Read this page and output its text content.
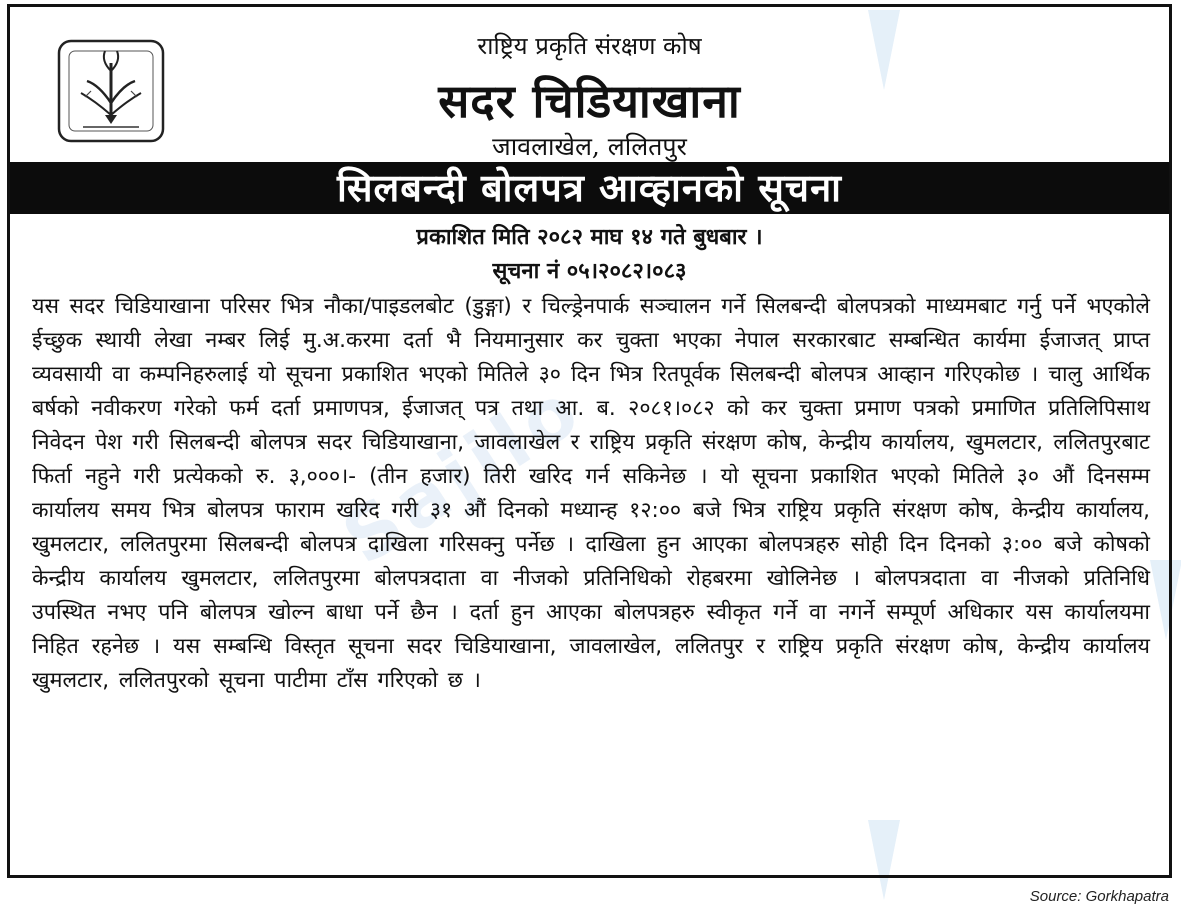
Sajilo
राष्ट्रिय प्रकृति संरक्षण कोष
सदर चिडियाखाना
जावलाखेल, ललितपुर
सिलबन्दी बोलपत्र आव्हानको सूचना
प्रकाशित मिति २०८२ माघ १४ गते बुधबार ।
सूचना नं ०५।२०८२।०८३
यस सदर चिडियाखाना परिसर भित्र नौका/पाइडलबोट (डुङ्गा) र चिल्ड्रेनपार्क सञ्चालन गर्ने सिलबन्दी बोलपत्रको माध्यमबाट गर्नु पर्ने भएकोले ईच्छुक स्थायी लेखा नम्बर लिई मु.अ.करमा दर्ता भै नियमानुसार कर चुक्ता भएका नेपाल सरकारबाट सम्बन्धित कार्यमा ईजाजत् प्राप्त व्यवसायी वा कम्पनिहरुलाई यो सूचना प्रकाशित भएको मितिले ३० दिन भित्र रितपूर्वक सिलबन्दी बोलपत्र आव्हान गरिएकोछ । चालु आर्थिक बर्षको नवीकरण गरेको फर्म दर्ता प्रमाणपत्र, ईजाजत् पत्र तथा आ. ब. २०८१।०८२ को कर चुक्ता प्रमाण पत्रको प्रमाणित प्रतिलिपिसाथ निवेदन पेश गरी सिलबन्दी बोलपत्र सदर चिडियाखाना, जावलाखेल र राष्ट्रिय प्रकृति संरक्षण कोष, केन्द्रीय कार्यालय, खुमलटार, ललितपुरबाट फिर्ता नहुने गरी प्रत्येकको रु. ३,०००।- (तीन हजार) तिरी खरिद गर्न सकिनेछ । यो सूचना प्रकाशित भएको मितिले ३० औं दिनसम्म कार्यालय समय भित्र बोलपत्र फाराम खरिद गरी ३१ औं दिनको मध्यान्ह १२:०० बजे भित्र राष्ट्रिय प्रकृति संरक्षण कोष, केन्द्रीय कार्यालय, खुमलटार, ललितपुरमा सिलबन्दी बोलपत्र दाखिला गरिसक्नु पर्नेछ । दाखिला हुन आएका बोलपत्रहरु सोही दिन दिनको ३:०० बजे कोषको केन्द्रीय कार्यालय खुमलटार, ललितपुरमा बोलपत्रदाता वा नीजको प्रतिनिधिको रोहबरमा खोलिनेछ । बोलपत्रदाता वा नीजको प्रतिनिधि उपस्थित नभए पनि बोलपत्र खोल्न बाधा पर्ने छैन । दर्ता हुन आएका बोलपत्रहरु स्वीकृत गर्ने वा नगर्ने सम्पूर्ण अधिकार यस कार्यालयमा निहित रहनेछ । यस सम्बन्धि विस्तृत सूचना सदर चिडियाखाना, जावलाखेल, ललितपुर र राष्ट्रिय प्रकृति संरक्षण कोष, केन्द्रीय कार्यालय खुमलटार, ललितपुरको सूचना पाटीमा टाँस गरिएको छ ।
Source: Gorkhapatra
